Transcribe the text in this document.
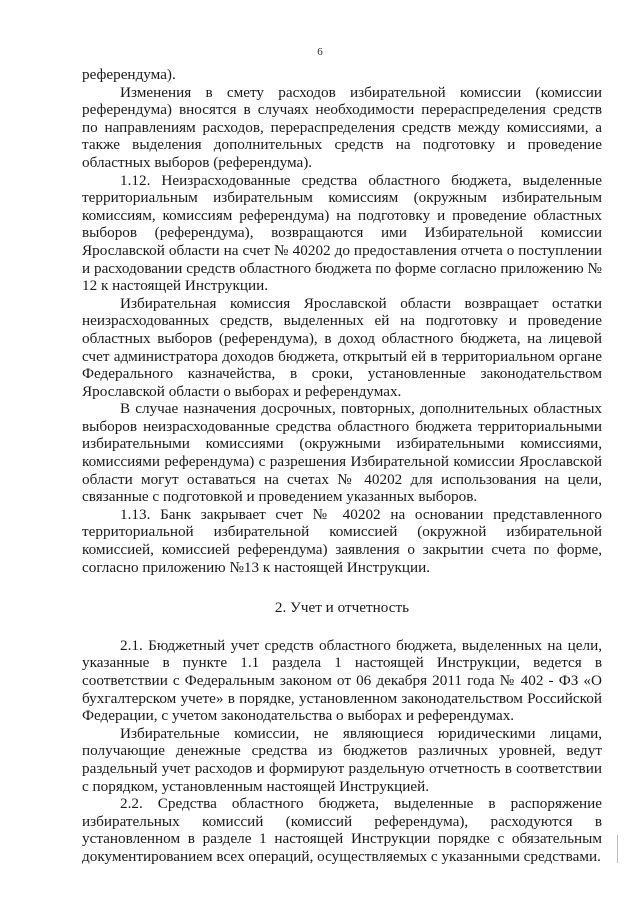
6

референдума).

Изменения в смету расходов избирательной комиссии (комиссии референдума) вносятся в случаях необходимости перераспределения средств по направлениям расходов, перераспределения средств между комиссиями, а также выделения дополнительных средств на подготовку и проведение областных выборов (референдума).

1.12. Неизрасходованные средства областного бюджета, выделенные территориальным избирательным комиссиям (окружным избирательным комиссиям, комиссиям референдума) на подготовку и проведение областных выборов (референдума), возвращаются ими Избирательной комиссии Ярославской области на счет № 40202 до предоставления отчета о поступлении и расходовании средств областного бюджета по форме согласно приложению № 12 к настоящей Инструкции.

Избирательная комиссия Ярославской области возвращает остатки неизрасходованных средств, выделенных ей на подготовку и проведение областных выборов (референдума), в доход областного бюджета, на лицевой счет администратора доходов бюджета, открытый ей в территориальном органе Федерального казначейства, в сроки, установленные законодательством Ярославской области о выборах и референдумах.

В случае назначения досрочных, повторных, дополнительных областных выборов неизрасходованные средства областного бюджета территориальными избирательными комиссиями (окружными избирательными комиссиями, комиссиями референдума) с разрешения Избирательной комиссии Ярославской области могут оставаться на счетах № 40202 для использования на цели, связанные с подготовкой и проведением указанных выборов.

1.13. Банк закрывает счет № 40202 на основании представленного территориальной избирательной комиссией (окружной избирательной комиссией, комиссией референдума) заявления о закрытии счета по форме, согласно приложению №13 к настоящей Инструкции.

2. Учет и отчетность

2.1. Бюджетный учет средств областного бюджета, выделенных на цели, указанные в пункте 1.1 раздела 1 настоящей Инструкции, ведется в соответствии с Федеральным законом от 06 декабря 2011 года № 402 - ФЗ «О бухгалтерском учете» в порядке, установленном законодательством Российской Федерации, с учетом законодательства о выборах и референдумах.

Избирательные комиссии, не являющиеся юридическими лицами, получающие денежные средства из бюджетов различных уровней, ведут раздельный учет расходов и формируют раздельную отчетность в соответствии с порядком, установленным настоящей Инструкцией.

2.2. Средства областного бюджета, выделенные в распоряжение избирательных комиссий (комиссий референдума), расходуются в установленном в разделе 1 настоящей Инструкции порядке с обязательным документированием всех операций, осуществляемых с указанными средствами.
